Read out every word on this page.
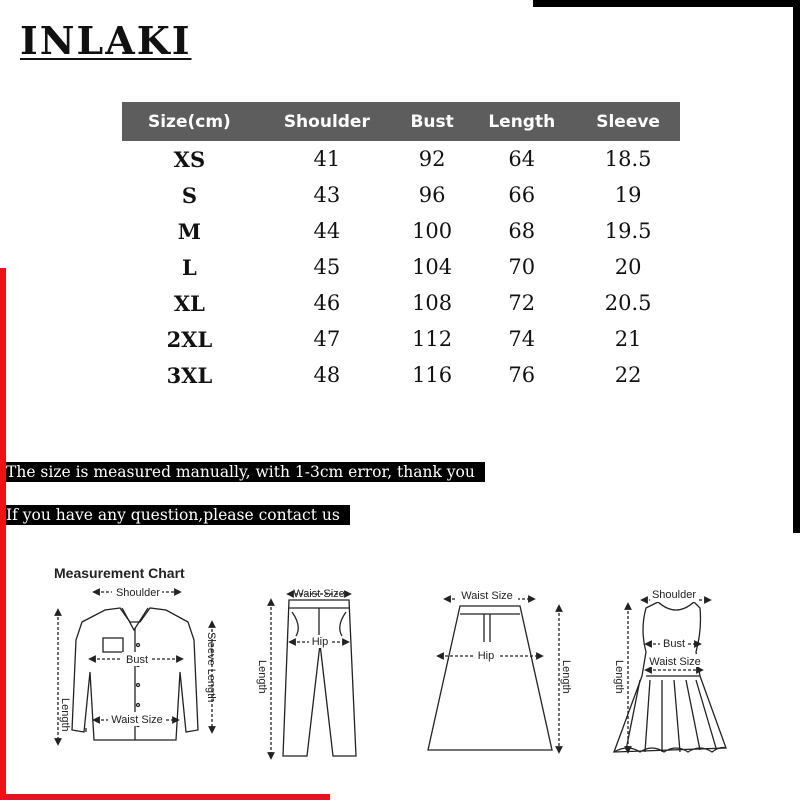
INLAKI
Size(cm)	Shoulder	Bust	Length	Sleeve
XS	41	92	64	18.5
S	43	96	66	19
M	44	100	68	19.5
L	45	104	70	20
XL	46	108	72	20.5
2XL	47	112	74	21
3XL	48	116	76	22
The size is measured manually, with 1-3cm error, thank you
If you have any question,please contact us
Measurement Chart
Shoulder
Bust
Waist Size
Length
Sleeve Length
Waist Size
Hip
Length
Waist Size
Hip
Length
Shoulder
Bust
Waist Size
Length
